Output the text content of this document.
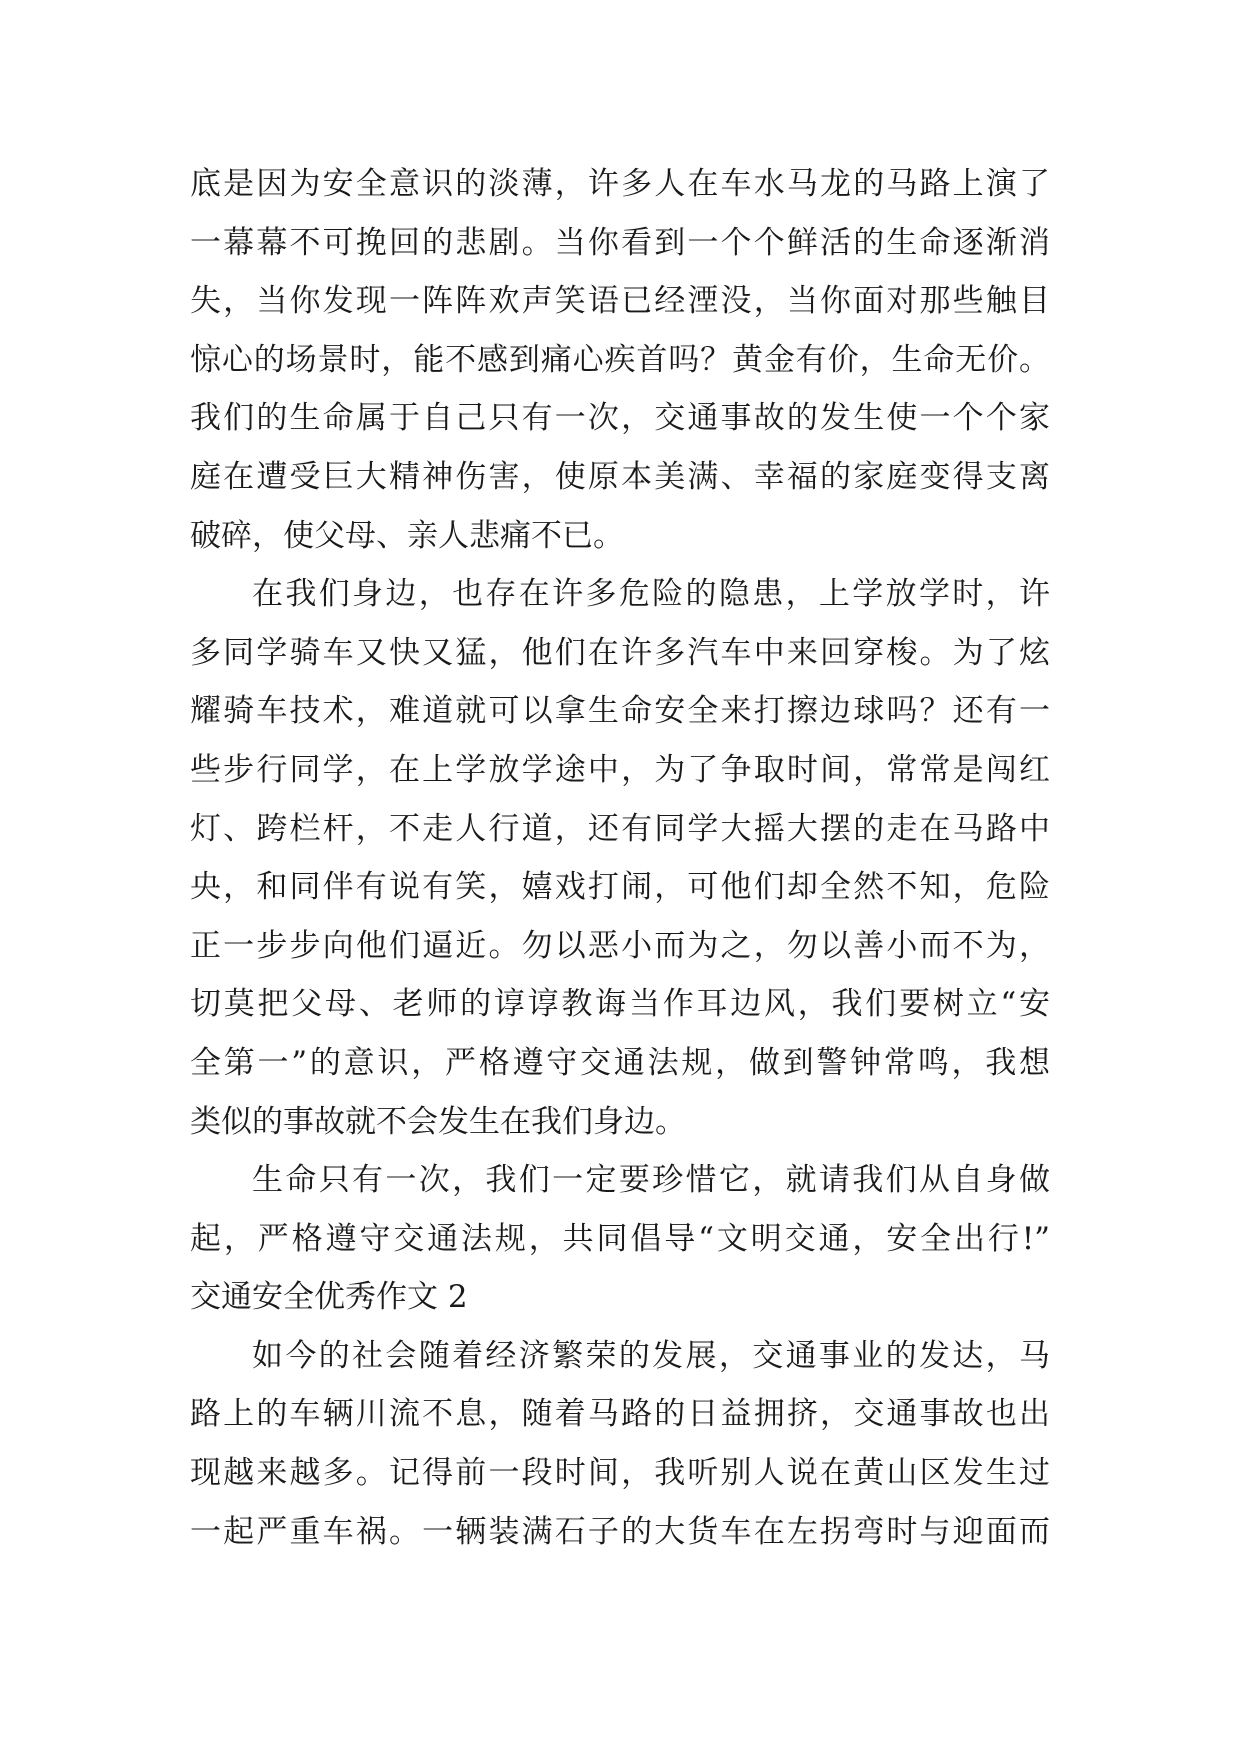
底是因为安全意识的淡薄，许多人在车水马龙的马路上演了
一幕幕不可挽回的悲剧。当你看到一个个鲜活的生命逐渐消
失，当你发现一阵阵欢声笑语已经湮没，当你面对那些触目
惊心的场景时，能不感到痛心疾首吗？黄金有价，生命无价。
我们的生命属于自己只有一次，交通事故的发生使一个个家
庭在遭受巨大精神伤害，使原本美满、幸福的家庭变得支离
破碎，使父母、亲人悲痛不已。
在我们身边，也存在许多危险的隐患，上学放学时，许
多同学骑车又快又猛，他们在许多汽车中来回穿梭。为了炫
耀骑车技术，难道就可以拿生命安全来打擦边球吗？还有一
些步行同学，在上学放学途中，为了争取时间，常常是闯红
灯、跨栏杆，不走人行道，还有同学大摇大摆的走在马路中
央，和同伴有说有笑，嬉戏打闹，可他们却全然不知，危险
正一步步向他们逼近。勿以恶小而为之，勿以善小而不为，
切莫把父母、老师的谆谆教诲当作耳边风，我们要树立“安
全第一”的意识，严格遵守交通法规，做到警钟常鸣，我想
类似的事故就不会发生在我们身边。
生命只有一次，我们一定要珍惜它，就请我们从自身做
起，严格遵守交通法规，共同倡导“文明交通，安全出行!”
交通安全优秀作文 2
如今的社会随着经济繁荣的发展，交通事业的发达，马
路上的车辆川流不息，随着马路的日益拥挤，交通事故也出
现越来越多。记得前一段时间，我听别人说在黄山区发生过
一起严重车祸。一辆装满石子的大货车在左拐弯时与迎面而
